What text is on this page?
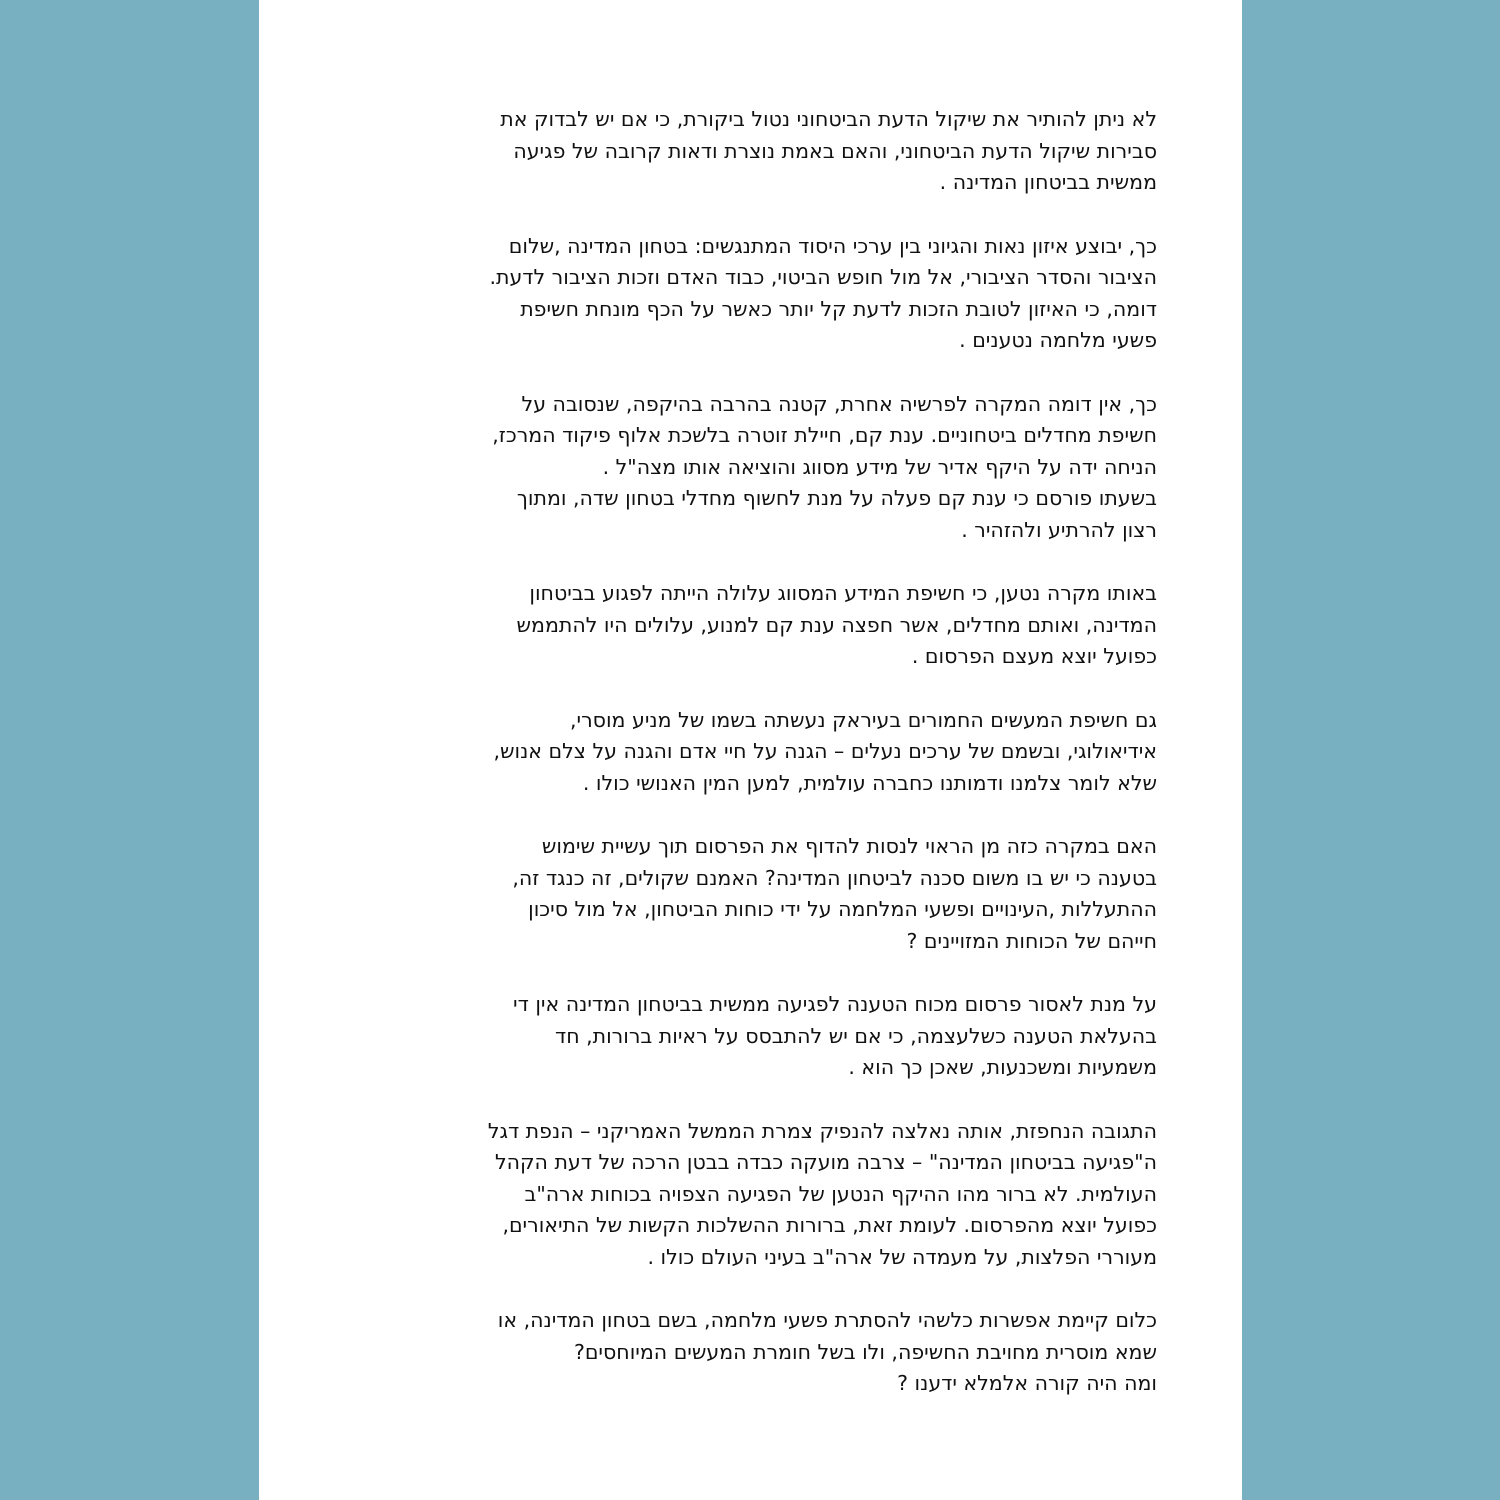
לא ניתן להותיר את שיקול הדעת הביטחוני נטול ביקורת, כי אם יש לבדוק את
סבירות שיקול הדעת הביטחוני, והאם באמת נוצרת ודאות קרובה של פגיעה
ממשית בביטחון המדינה .
כך, יבוצע איזון נאות והגיוני בין ערכי היסוד המתנגשים: בטחון המדינה ,שלום
הציבור והסדר הציבורי, אל מול חופש הביטוי, כבוד האדם וזכות הציבור לדעת.
דומה, כי האיזון לטובת הזכות לדעת קל יותר כאשר על הכף מונחת חשיפת
פשעי מלחמה נטענים .
כך, אין דומה המקרה לפרשיה אחרת, קטנה בהרבה בהיקפה, שנסובה על
חשיפת מחדלים ביטחוניים. ענת קם, חיילת זוטרה בלשכת אלוף פיקוד המרכז,
הניחה ידה על היקף אדיר של מידע מסווג והוציאה אותו מצה"ל .
בשעתו פורסם כי ענת קם פעלה על מנת לחשוף מחדלי בטחון שדה, ומתוך
רצון להרתיע ולהזהיר .
באותו מקרה נטען, כי חשיפת המידע המסווג עלולה הייתה לפגוע בביטחון
המדינה, ואותם מחדלים, אשר חפצה ענת קם למנוע, עלולים היו להתממש
כפועל יוצא מעצם הפרסום .
גם חשיפת המעשים החמורים בעיראק נעשתה בשמו של מניע מוסרי,
אידיאולוגי, ובשמם של ערכים נעלים – הגנה על חיי אדם והגנה על צלם אנוש,
שלא לומר צלמנו ודמותנו כחברה עולמית, למען המין האנושי כולו .
האם במקרה כזה מן הראוי לנסות להדוף את הפרסום תוך עשיית שימוש
בטענה כי יש בו משום סכנה לביטחון המדינה? האמנם שקולים, זה כנגד זה,
ההתעללות ,העינויים ופשעי המלחמה על ידי כוחות הביטחון, אל מול סיכון
חייהם של הכוחות המזויינים ?
על מנת לאסור פרסום מכוח הטענה לפגיעה ממשית בביטחון המדינה אין די
בהעלאת הטענה כשלעצמה, כי אם יש להתבסס על ראיות ברורות, חד
משמעיות ומשכנעות, שאכן כך הוא .
התגובה הנחפזת, אותה נאלצה להנפיק צמרת הממשל האמריקני – הנפת דגל
ה"פגיעה בביטחון המדינה" – צרבה מועקה כבדה בבטן הרכה של דעת הקהל
העולמית. לא ברור מהו ההיקף הנטען של הפגיעה הצפויה בכוחות ארה"ב
כפועל יוצא מהפרסום. לעומת זאת, ברורות ההשלכות הקשות של התיאורים,
מעוררי הפלצות, על מעמדה של ארה"ב בעיני העולם כולו .
כלום קיימת אפשרות כלשהי להסתרת פשעי מלחמה, בשם בטחון המדינה, או
שמא מוסרית מחויבת החשיפה, ולו בשל חומרת המעשים המיוחסים?
ומה היה קורה אלמלא ידענו ?
